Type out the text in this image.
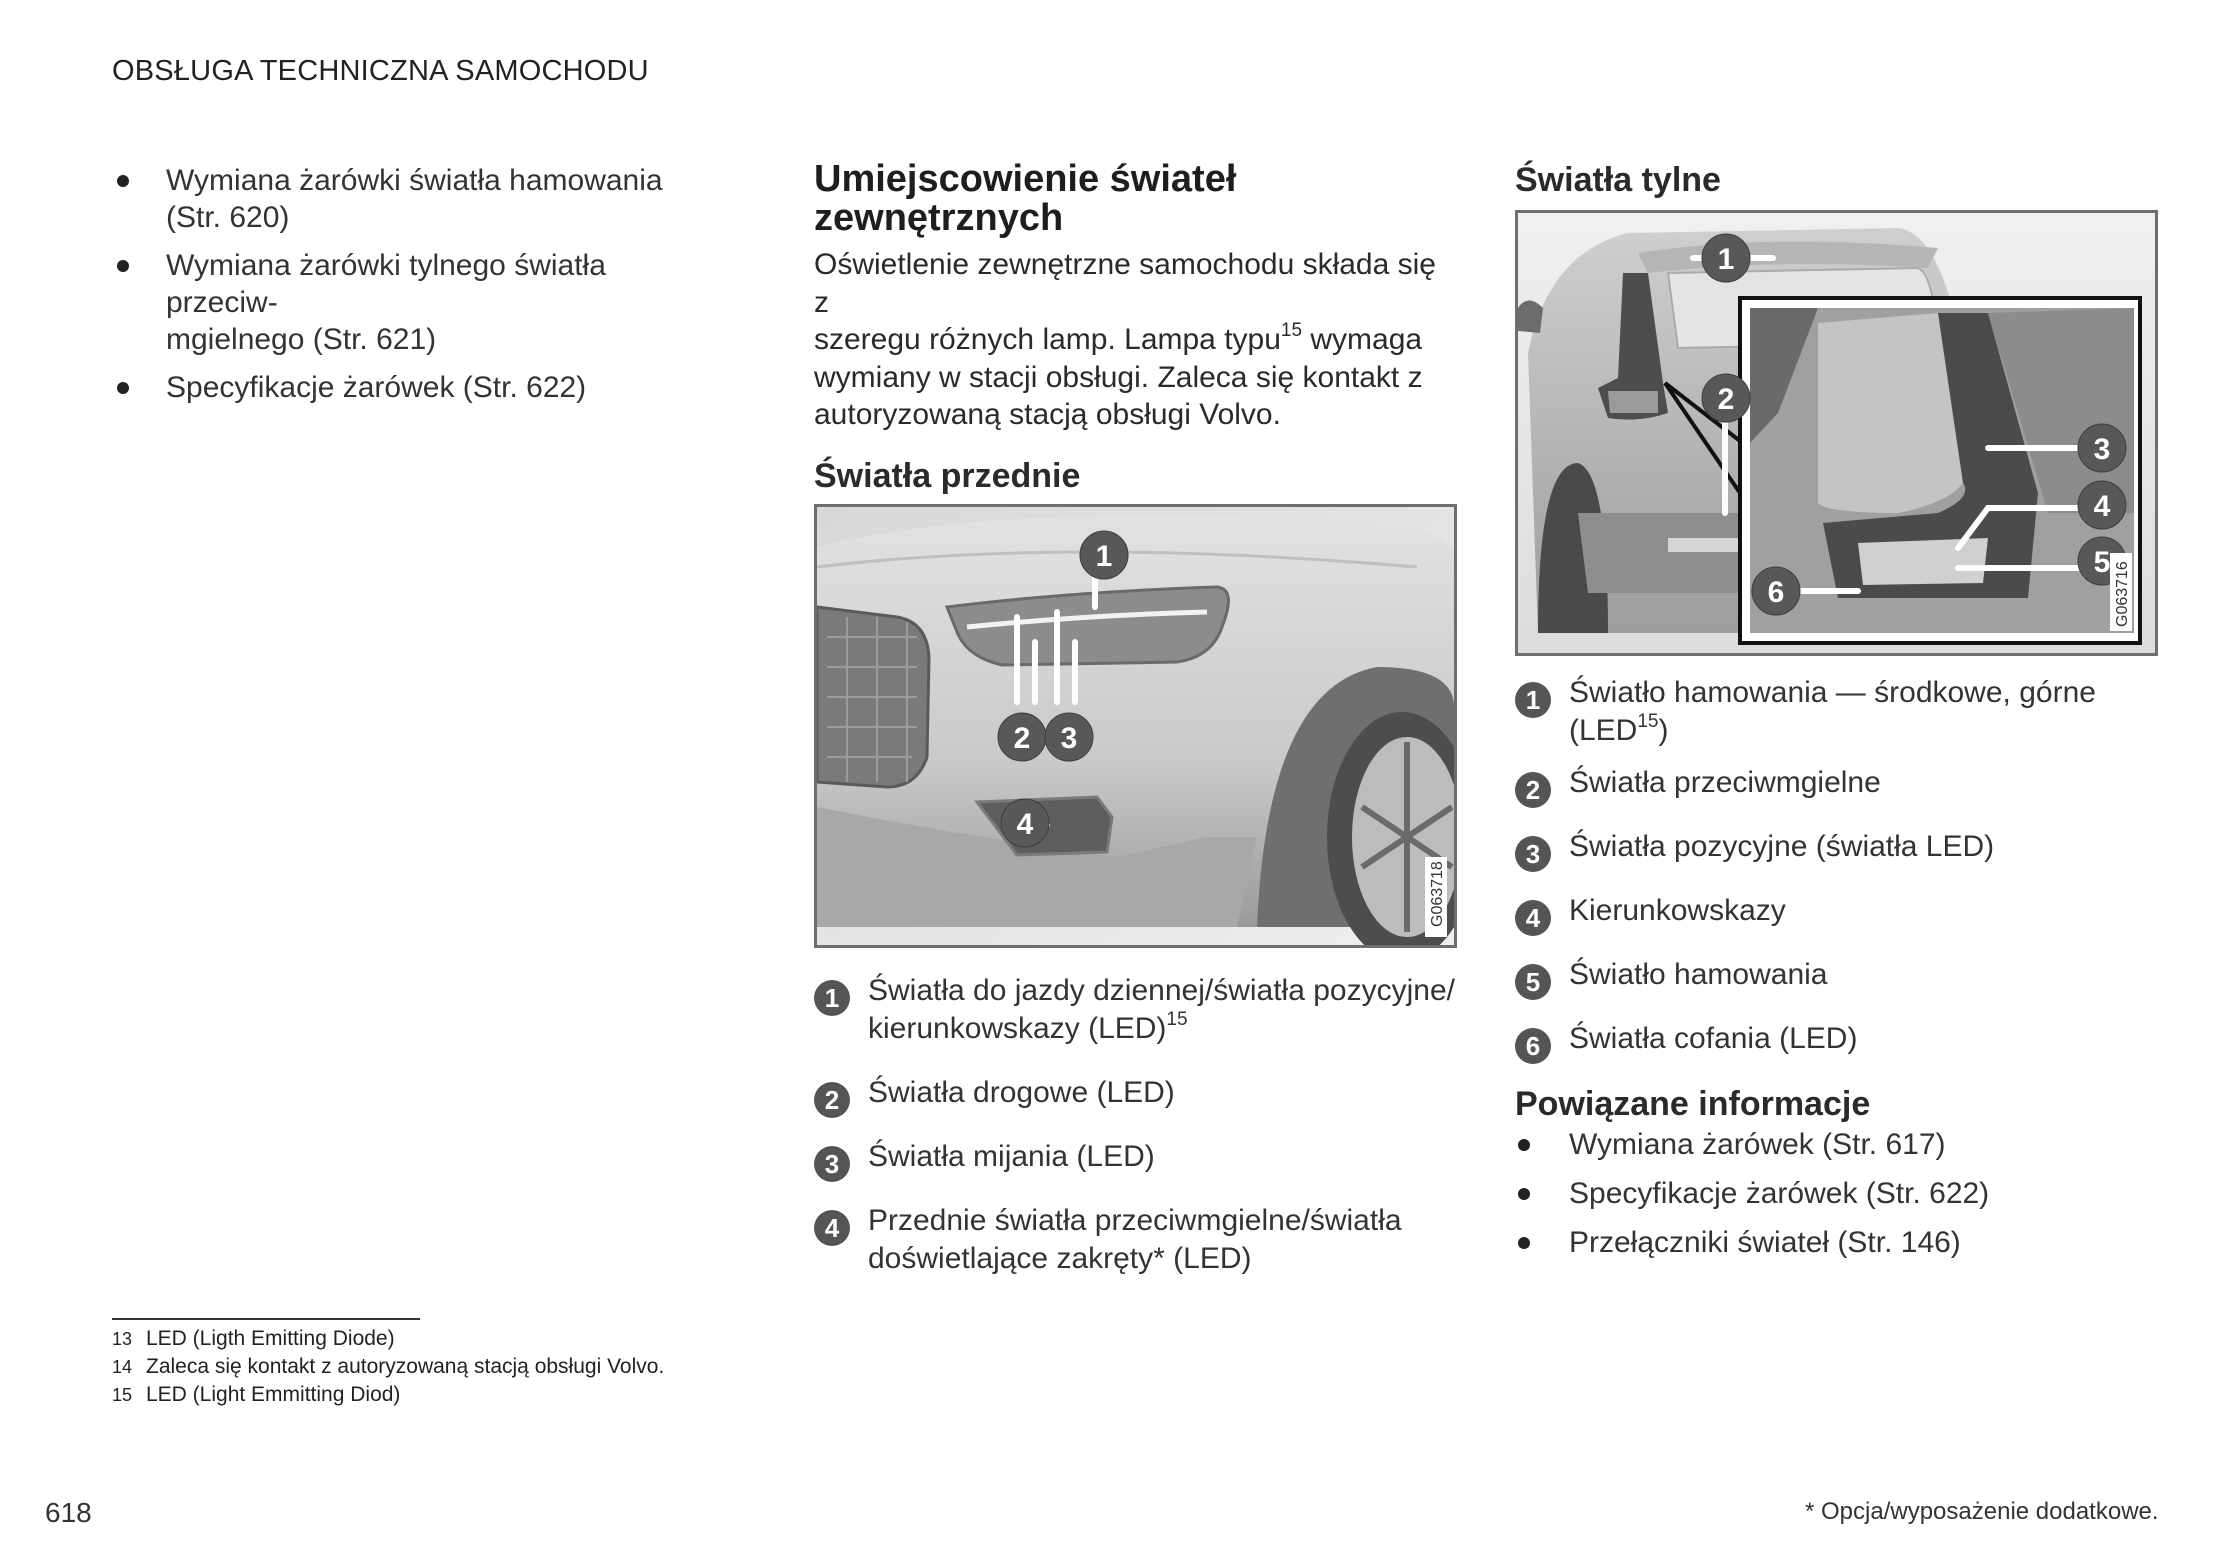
OBSŁUGA TECHNICZNA SAMOCHODU
Wymiana żarówki światła hamowania
(Str. 620)
Wymiana żarówki tylnego światła przeciw-
mgielnego (Str. 621)
Specyfikacje żarówek (Str. 622)
Umiejscowienie świateł
zewnętrznych

Oświetlenie zewnętrzne samochodu składa się z
szeregu różnych lamp. Lampa typu$^{15}$ wymaga
wymiany w stacji obsługi. Zaleca się kontakt z
autoryzowaną stacją obsługi Volvo.

Światła przednie
1
2 3
4
G063718
1 Światła do jazdy dziennej/światła pozycyjne/
kierunkowskazy (LED)$^{15}$
2 Światła drogowe (LED)
3 Światła mijania (LED)
4 Przednie światła przeciwmgielne/światła
doświetlające zakręty* (LED)
Światła tylne
1
2
3
4
5
6	G063716
1 Światło hamowania — środkowe, górne
(LED$^{15}$)
2 Światła przeciwmgielne
3 Światła pozycyjne (światła LED)
4 Kierunkowskazy
5 Światło hamowania
6 Światła cofania (LED)
Powiązane informacje
Wymiana żarówek (Str. 617)
Specyfikacje żarówek (Str. 622)
Przełączniki świateł (Str. 146)
13 LED (Ligth Emitting Diode)
14 Zaleca się kontakt z autoryzowaną stacją obsługi Volvo.
15 LED (Light Emmitting Diod)
618	* Opcja/wyposażenie dodatkowe.
